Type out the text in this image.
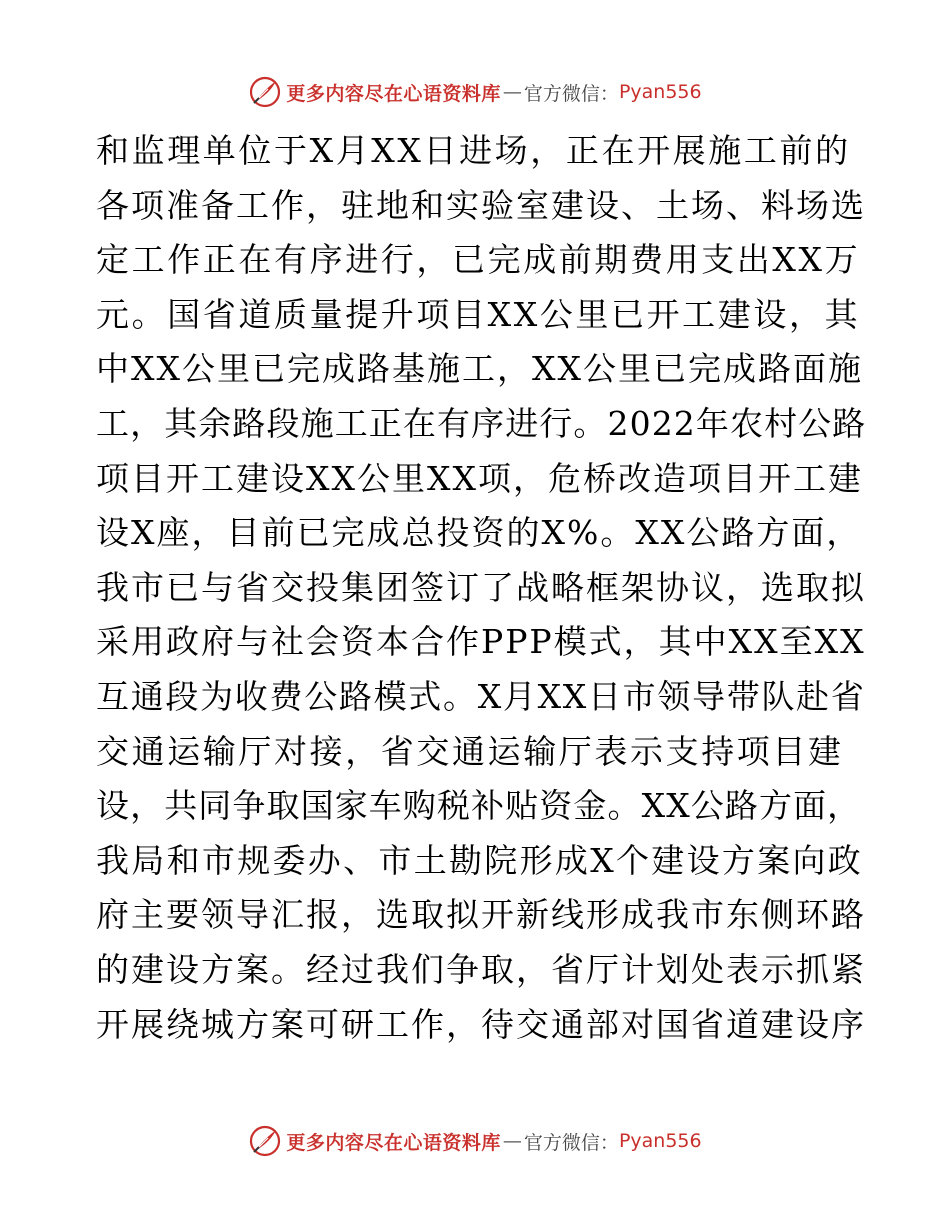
更多内容尽在心语资料库 — 官方微信： Pyan556
和监理单位于X月XX日进场，正在开展施工前的
各项准备工作，驻地和实验室建设、土场、料场选
定工作正在有序进行，已完成前期费用支出XX万
元。国省道质量提升项目XX公里已开工建设，其
中XX公里已完成路基施工，XX公里已完成路面施
工，其余路段施工正在有序进行。2022年农村公路
项目开工建设XX公里XX项，危桥改造项目开工建
设X座，目前已完成总投资的X%。XX公路方面，
我市已与省交投集团签订了战略框架协议，选取拟
采用政府与社会资本合作PPP模式，其中XX至XX
互通段为收费公路模式。X月XX日市领导带队赴省
交通运输厅对接，省交通运输厅表示支持项目建
设，共同争取国家车购税补贴资金。XX公路方面，
我局和市规委办、市土勘院形成X个建设方案向政
府主要领导汇报，选取拟开新线形成我市东侧环路
的建设方案。经过我们争取，省厅计划处表示抓紧
开展绕城方案可研工作，待交通部对国省道建设序
更多内容尽在心语资料库 — 官方微信： Pyan556
